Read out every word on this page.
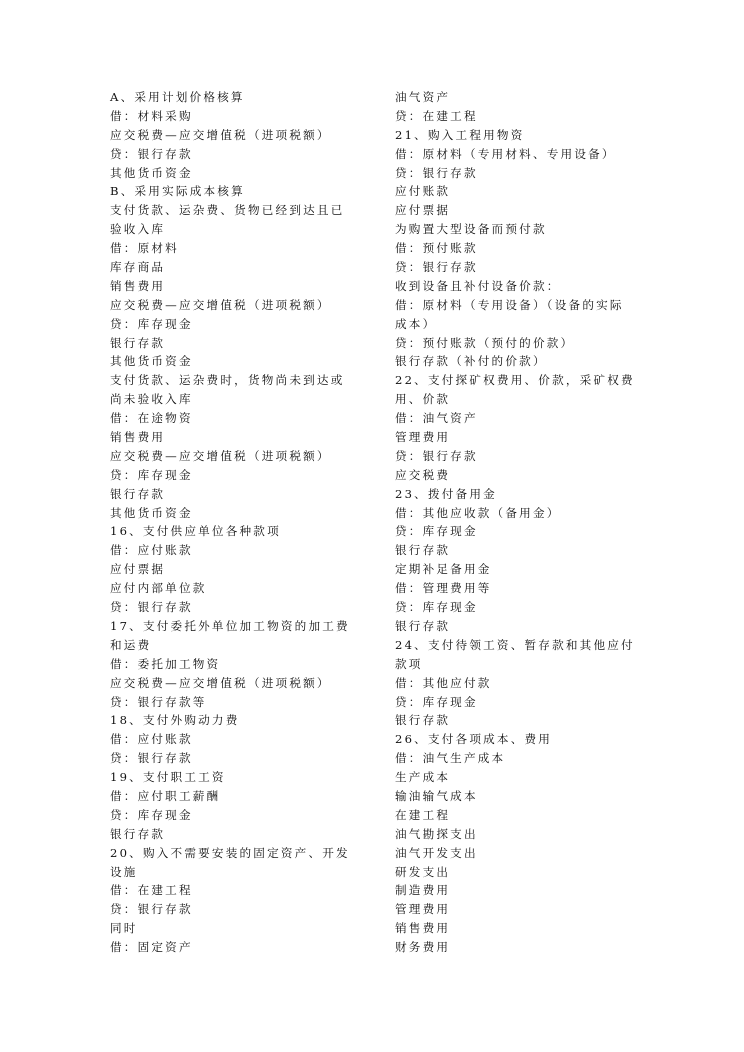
A、采用计划价格核算
借：材料采购
应交税费—应交增值税（进项税额）
贷：银行存款
其他货币资金
B、采用实际成本核算
支付货款、运杂费、货物已经到达且已
验收入库
借：原材料
库存商品
销售费用
应交税费—应交增值税（进项税额）
贷：库存现金
银行存款
其他货币资金
支付货款、运杂费时，货物尚未到达或
尚未验收入库
借：在途物资
销售费用
应交税费—应交增值税（进项税额）
贷：库存现金
银行存款
其他货币资金
16、支付供应单位各种款项
借：应付账款
应付票据
应付内部单位款
贷：银行存款
17、支付委托外单位加工物资的加工费
和运费
借：委托加工物资
应交税费—应交增值税（进项税额）
贷：银行存款等
18、支付外购动力费
借：应付账款
贷：银行存款
19、支付职工工资
借：应付职工薪酬
贷：库存现金
银行存款
20、购入不需要安装的固定资产、开发
设施
借：在建工程
贷：银行存款
同时
借：固定资产
油气资产
贷：在建工程
21、购入工程用物资
借：原材料（专用材料、专用设备）
贷：银行存款
应付账款
应付票据
为购置大型设备而预付款
借：预付账款
贷：银行存款
收到设备且补付设备价款：
借：原材料（专用设备）（设备的实际
成本）
贷：预付账款（预付的价款）
银行存款（补付的价款）
22、支付探矿权费用、价款，采矿权费
用、价款
借：油气资产
管理费用
贷：银行存款
应交税费
23、拨付备用金
借：其他应收款（备用金）
贷：库存现金
银行存款
定期补足备用金
借：管理费用等
贷：库存现金
银行存款
24、支付待领工资、暂存款和其他应付
款项
借：其他应付款
贷：库存现金
银行存款
26、支付各项成本、费用
借：油气生产成本
生产成本
输油输气成本
在建工程
油气勘探支出
油气开发支出
研发支出
制造费用
管理费用
销售费用
财务费用
